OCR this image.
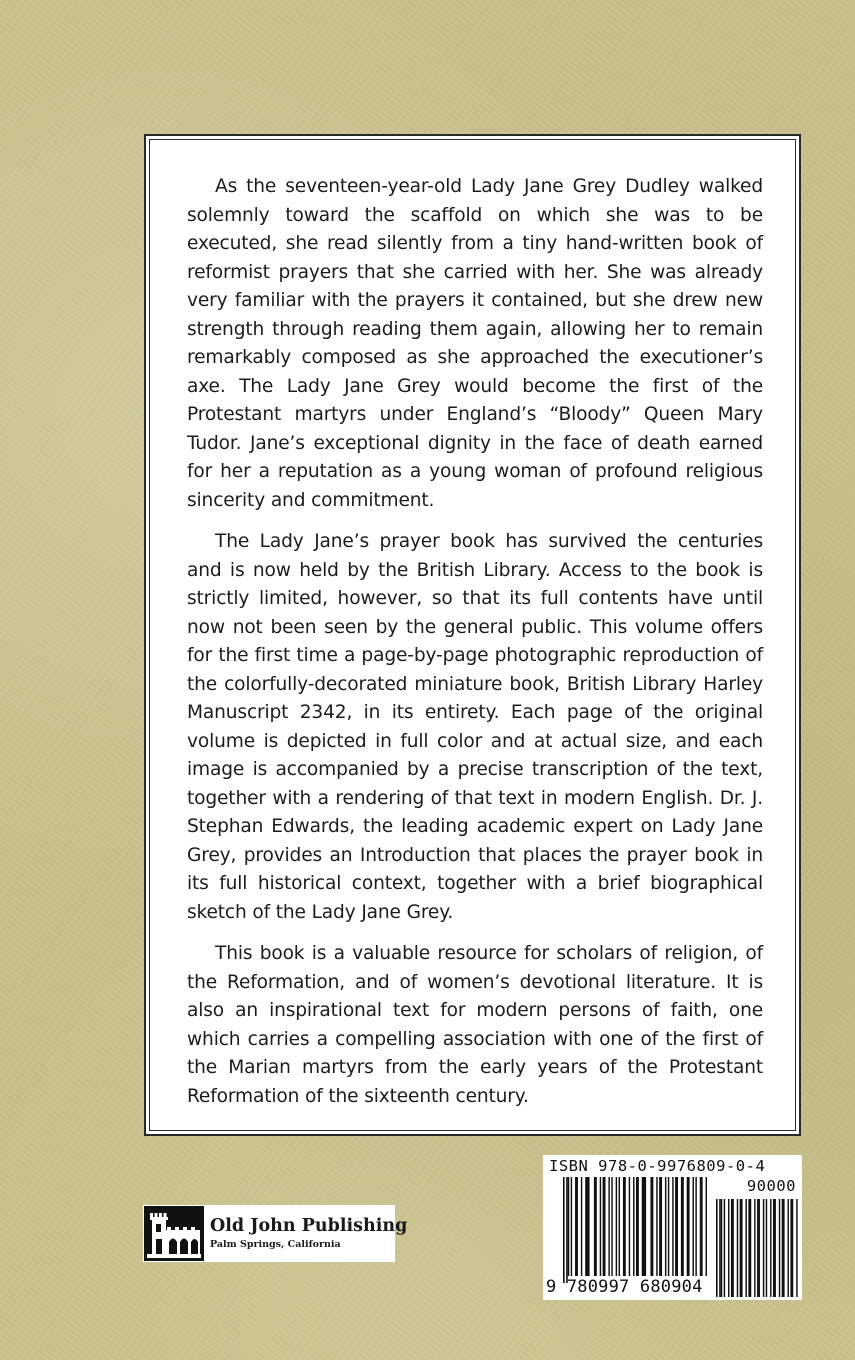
As the seventeen-year-old Lady Jane Grey Dudley walked solemnly toward the scaffold on which she was to be executed, she read silently from a tiny hand-written book of reformist prayers that she carried with her. She was already very familiar with the prayers it contained, but she drew new strength through reading them again, allowing her to remain remarkably composed as she approached the executioner’s axe. The Lady Jane Grey would become the first of the Protestant martyrs under England’s “Bloody” Queen Mary Tudor. Jane’s exceptional dignity in the face of death earned for her a reputation as a young woman of profound religious sincerity and commitment.

The Lady Jane’s prayer book has survived the centuries and is now held by the British Library. Access to the book is strictly limited, however, so that its full contents have until now not been seen by the general public. This volume offers for the first time a page-by-page photographic reproduction of the colorfully-decorated miniature book, British Library Harley Manuscript 2342, in its entirety. Each page of the original volume is depicted in full color and at actual size, and each image is accompanied by a precise transcription of the text, together with a rendering of that text in modern English. Dr. J. Stephan Edwards, the leading academic expert on Lady Jane Grey, provides an Introduction that places the prayer book in its full historical context, together with a brief biographical sketch of the Lady Jane Grey.

This book is a valuable resource for scholars of religion, of the Reformation, and of women’s devotional literature. It is also an inspirational text for modern persons of faith, one which carries a compelling association with one of the first of the Marian martyrs from the early years of the Protestant Reformation of the sixteenth century.

Old John Publishing
Palm Springs, California
ISBN 978-0-9976809-0-4
90000
9 780997 680904
